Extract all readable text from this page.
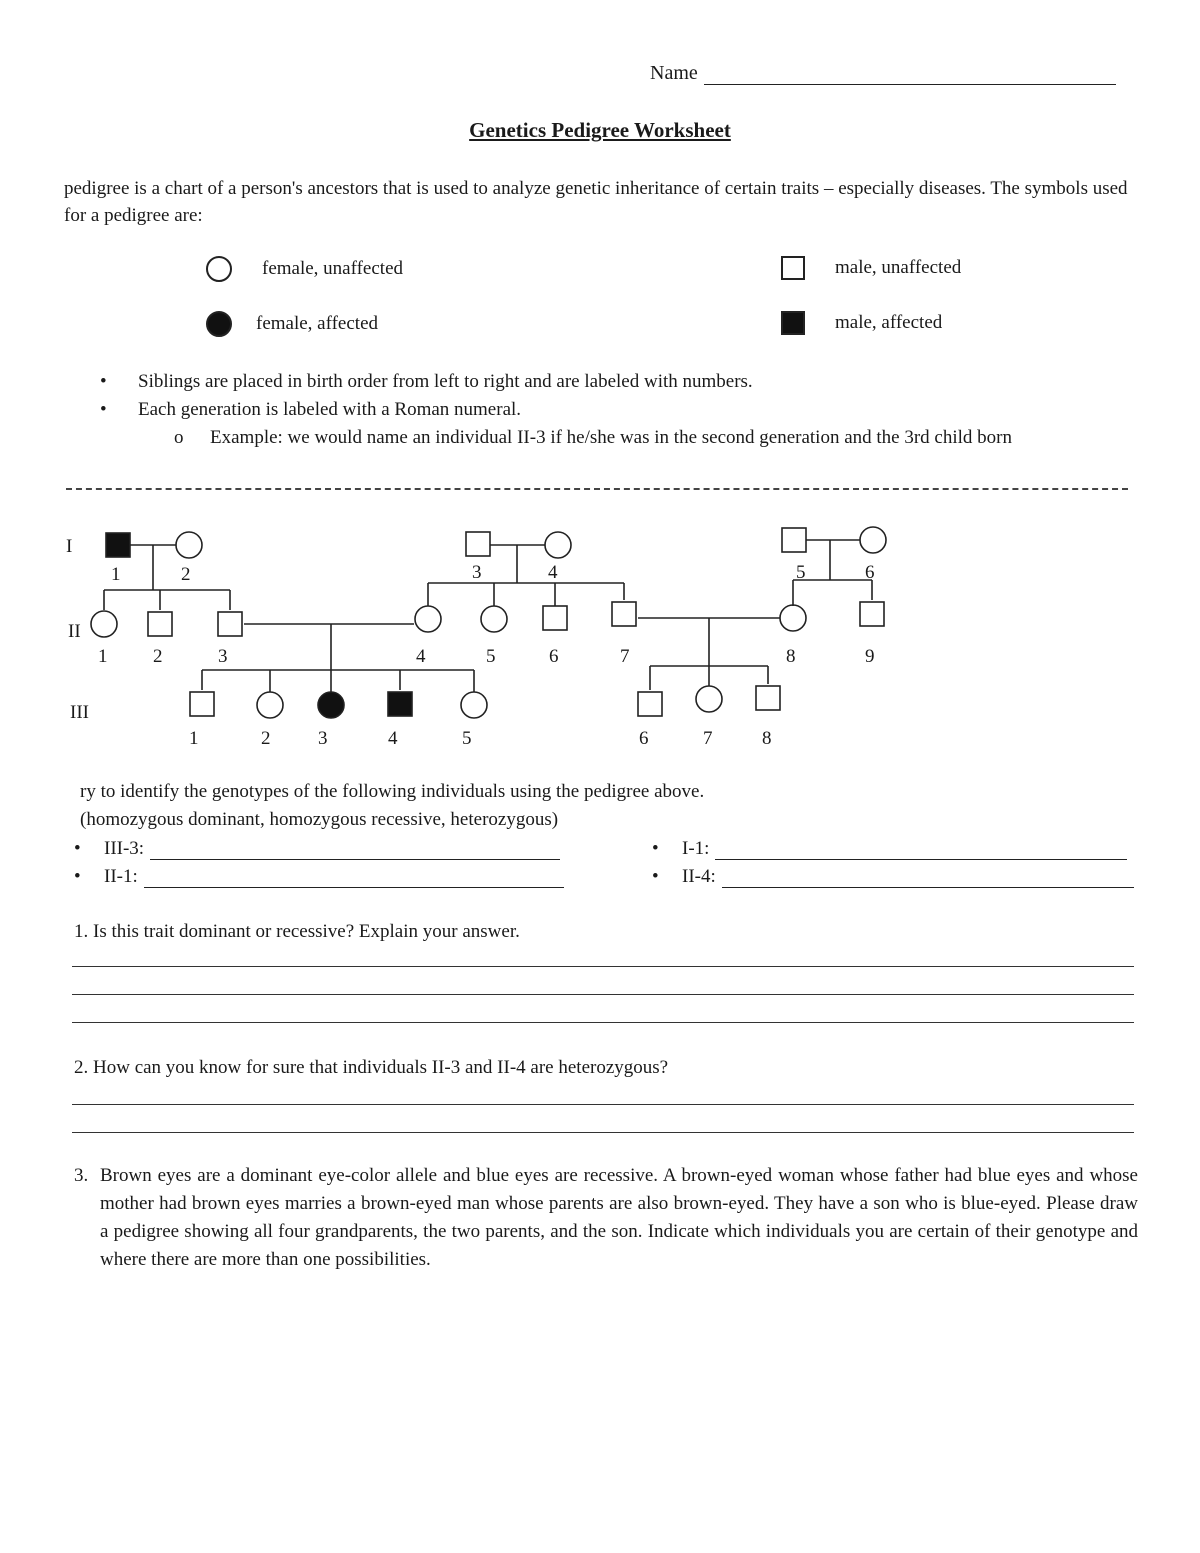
Name
Genetics Pedigree Worksheet
pedigree is a chart of a person's ancestors that is used to analyze genetic inheritance of certain traits – especially diseases. The symbols used for a pedigree are:
female, unaffected	male, unaffected
female, affected	male, affected
• Siblings are placed in birth order from left to right and are labeled with numbers.
• Each generation is labeled with a Roman numeral.
o Example: we would name an individual II-3 if he/she was in the second generation and the 3rd child born
I
II
III
1	2	3	4	5	6
1 2	3	4	5	6	7	8	9
1	2	3	4	5	6	7	8
ry to identify the genotypes of the following individuals using the pedigree above.
(homozygous dominant, homozygous recessive, heterozygous)
•	III-3:	•	I-1:
•	II-1:	•	II-4:
1. Is this trait dominant or recessive? Explain your answer.
2. How can you know for sure that individuals II-3 and II-4 are heterozygous?
3. Brown eyes are a dominant eye-color allele and blue eyes are recessive. A brown-eyed woman whose father had blue eyes and whose mother had brown eyes marries a brown-eyed man whose parents are also brown-eyed. They have a son who is blue-eyed. Please draw a pedigree showing all four grandparents, the two parents, and the son. Indicate which individuals you are certain of their genotype and where there are more than one possibilities.
